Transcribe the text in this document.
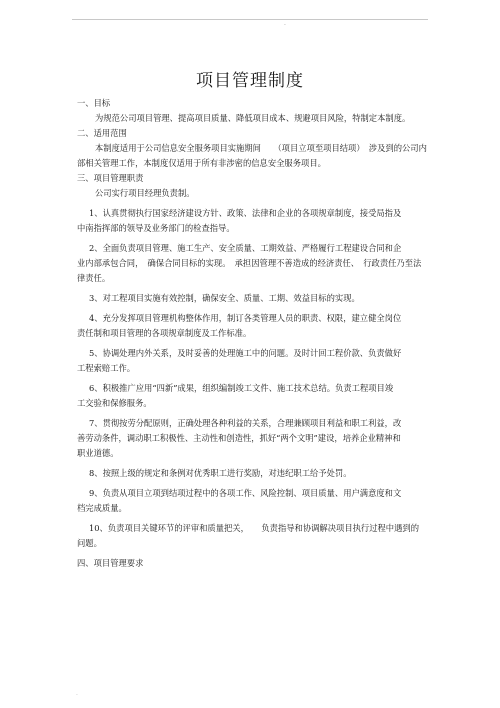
.
项目管理制度

一、目标

为规范公司项目管理、提高项目质量、降低项目成本、规避项目风险，特制定本制度。

二、适用范围

本制度适用于公司信息安全服务项目实施期间　　（项目立项至项目结项）　涉及到的公司内

部相关管理工作，本制度仅适用于所有非涉密的信息安全服务项目。

三、项目管理职责

公司实行项目经理负责制。

1、认真贯彻执行国家经济建设方针、政策、法律和企业的各项规章制度，接受局指及

中南指挥部的领导及业务部门的检查指导。

2、全面负责项目管理、施工生产、安全质量、工期效益、严格履行工程建设合同和企

业内部承包合同，　确保合同目标的实现。　承担因管理不善造成的经济责任、　行政责任乃至法

律责任。

3、对工程项目实施有效控制，确保安全、质量、工期、效益目标的实现。

4、充分发挥项目管理机构整体作用，制订各类管理人员的职责、权限，建立健全岗位

责任制和项目管理的各项规章制度及工作标准。

5、协调处理内外关系，及时妥善的处理施工中的问题。及时计回工程价款、负责做好

工程索赔工作。

6、积极推广应用“四新”成果，组织编制竣工文件、施工技术总结。负责工程项目竣

工交验和保修服务。

7、贯彻按劳分配原则，正确处理各种利益的关系，合理兼顾项目利益和职工利益，改

善劳动条件，调动职工积极性、主动性和创造性，抓好“两个文明”建设，培养企业精神和

职业道德。

8、按照上级的规定和条例对优秀职工进行奖励，对违纪职工给予处罚。

9、负责从项目立项到结项过程中的各项工作、风险控制、项目质量、用户满意度和文

档完成质量。

10、负责项目关键环节的评审和质量把关，　　负责指导和协调解决项目执行过程中遇到的

问题。

四、项目管理要求

.
